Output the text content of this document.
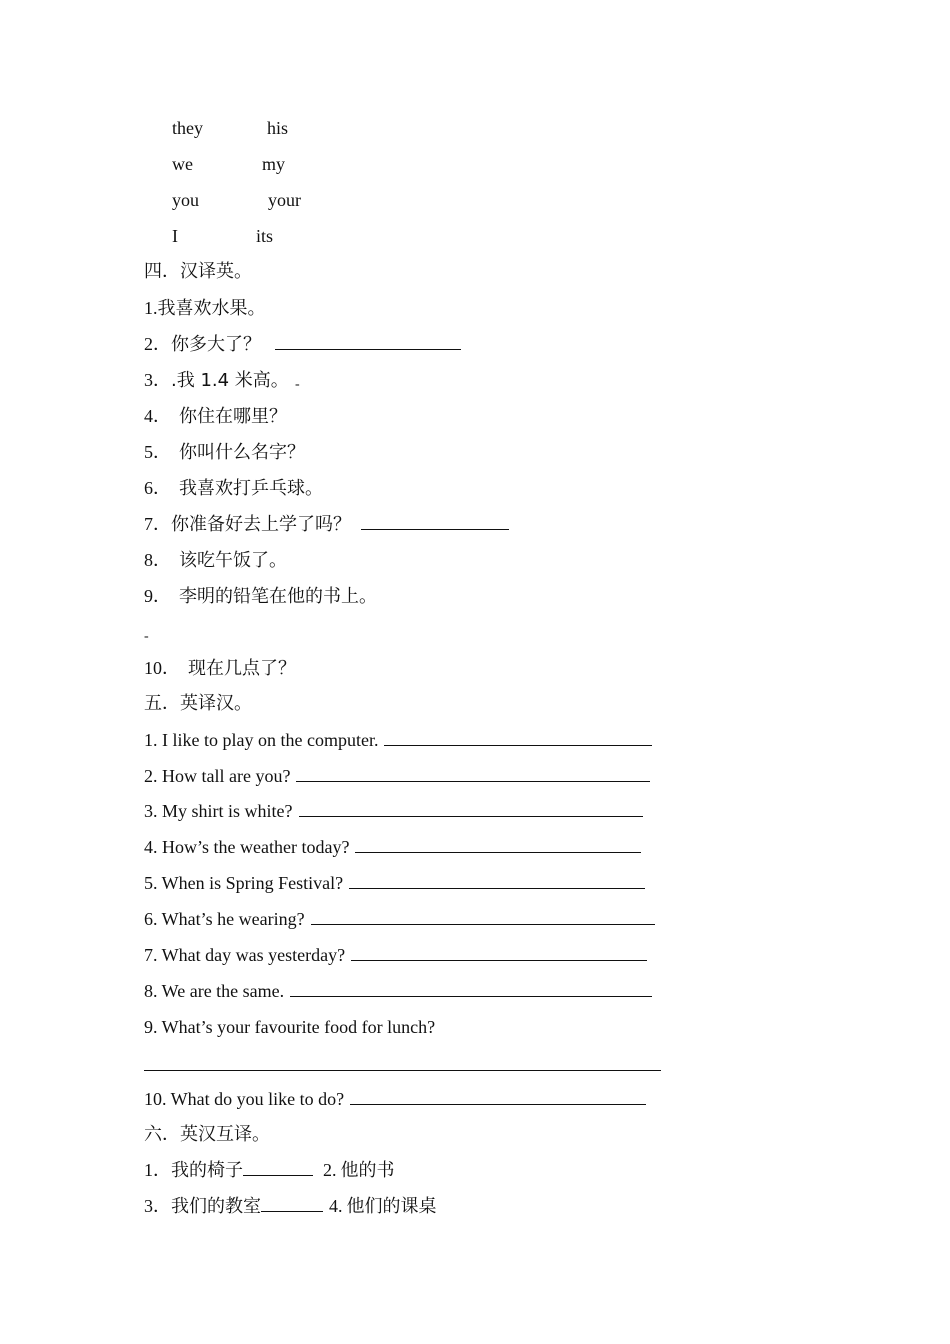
they	his
we	my
you	your
I	its
四．汉译英。
1.我喜欢水果。
2．你多大了？
3．.我 1.4 米高。 -
4． 你住在哪里？
5． 你叫什么名字？
6． 我喜欢打乒乓球。
7．你准备好去上学了吗？
8． 该吃午饭了。
9． 李明的铅笔在他的书上。
-
10． 现在几点了？
五．英译汉。
1. I like to play on the computer.
2. How tall are you?
3. My shirt is white?
4. How’s the weather today?
5. When is Spring Festival?
6. What’s he wearing?
7. What day was yesterday?
8. We are the same.
9. What’s your favourite food for lunch?
10. What do you like to do?
六．英汉互译。
1．我的椅子	2. 他的书
3．我们的教室	4. 他们的课桌
